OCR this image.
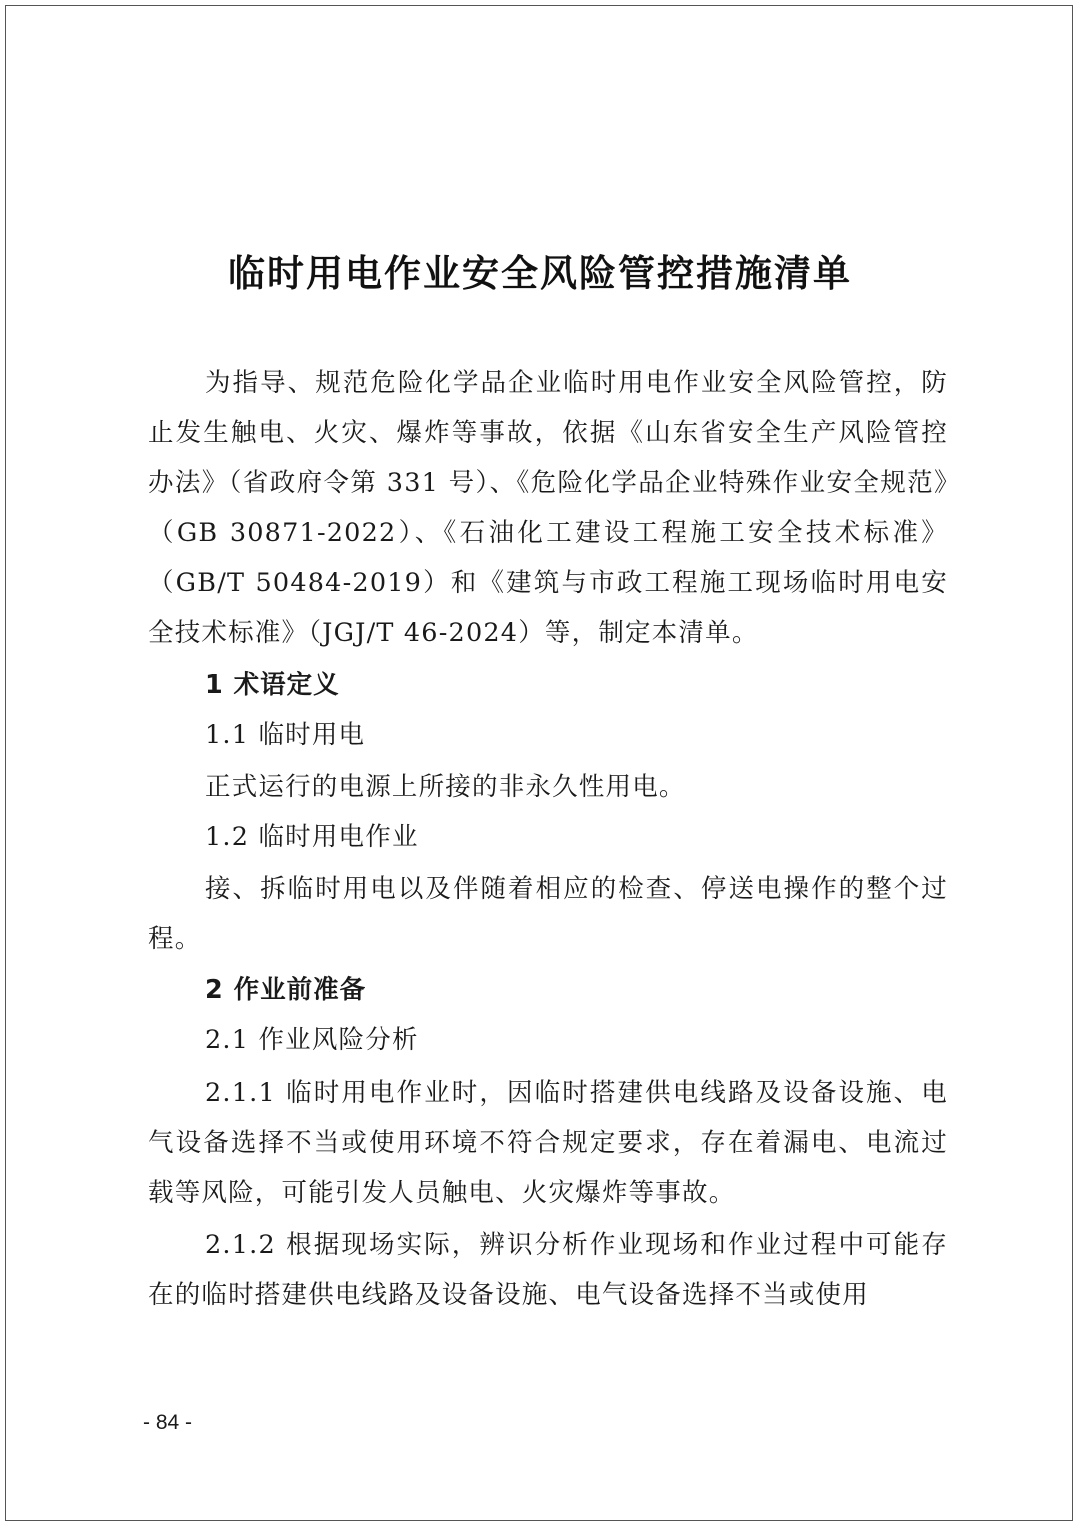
临时用电作业安全风险管控措施清单

为指导、规范危险化学品企业临时用电作业安全风险管控，防止发生触电、火灾、爆炸等事故，依据《山东省安全生产风险管控办法》（省政府令第 331 号）、《危险化学品企业特殊作业安全规范》（GB 30871-2022）、《石油化工建设工程施工安全技术标准》（GB/T 50484-2019）和《建筑与市政工程施工现场临时用电安全技术标准》（JGJ/T 46-2024）等，制定本清单。

1 术语定义

1.1 临时用电

正式运行的电源上所接的非永久性用电。

1.2 临时用电作业

接、拆临时用电以及伴随着相应的检查、停送电操作的整个过程。

2 作业前准备

2.1 作业风险分析

2.1.1 临时用电作业时，因临时搭建供电线路及设备设施、电气设备选择不当或使用环境不符合规定要求，存在着漏电、电流过载等风险，可能引发人员触电、火灾爆炸等事故。

2.1.2 根据现场实际，辨识分析作业现场和作业过程中可能存在的临时搭建供电线路及设备设施、电气设备选择不当或使用

- 84 -
